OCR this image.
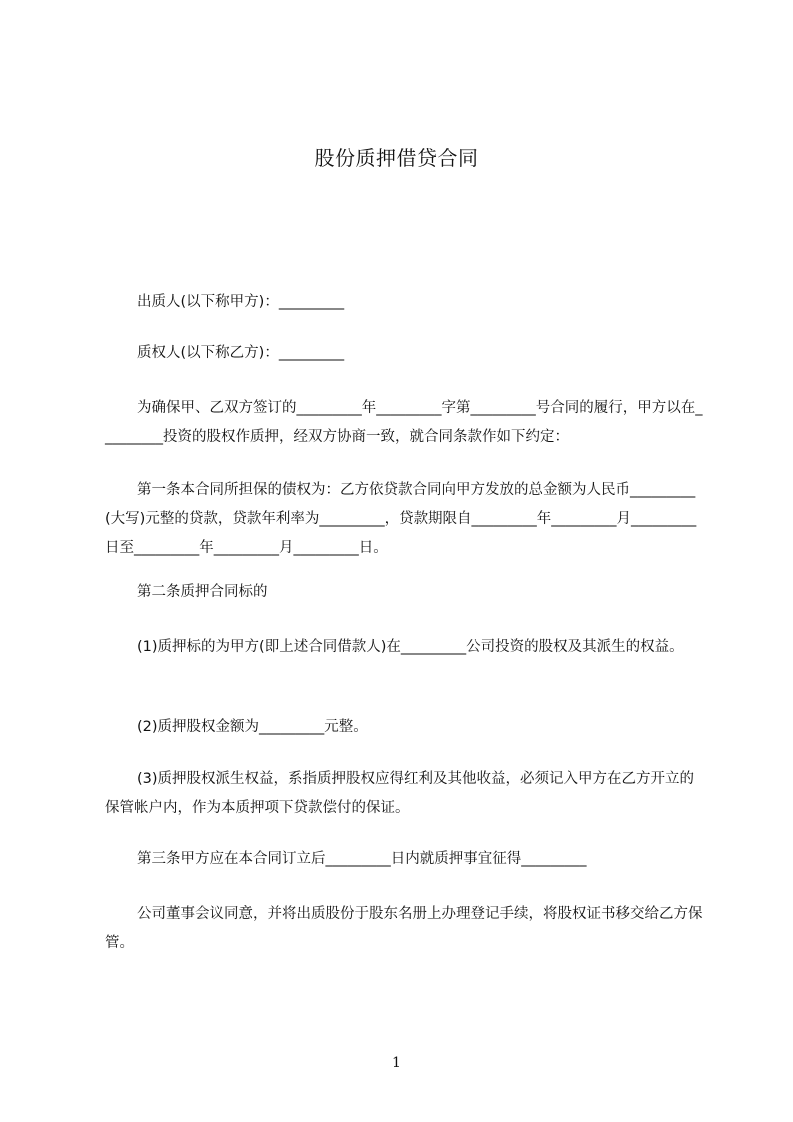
股份质押借贷合同
出质人(以下称甲方)：_________
质权人(以下称乙方)：_________
为确保甲、乙双方签订的_________年_________字第_________号合同的履行，甲方以在_________投资的股权作质押，经双方协商一致，就合同条款作如下约定：
第一条本合同所担保的债权为：乙方依贷款合同向甲方发放的总金额为人民币_________(大写)元整的贷款，贷款年利率为_________，贷款期限自_________年_________月_________日至_________年_________月_________日。
第二条质押合同标的
(1)质押标的为甲方(即上述合同借款人)在_________公司投资的股权及其派生的权益。
(2)质押股权金额为_________元整。
(3)质押股权派生权益，系指质押股权应得红利及其他收益，必须记入甲方在乙方开立的保管帐户内，作为本质押项下贷款偿付的保证。
第三条甲方应在本合同订立后_________日内就质押事宜征得_________
公司董事会议同意，并将出质股份于股东名册上办理登记手续，将股权证书移交给乙方保管。
1
